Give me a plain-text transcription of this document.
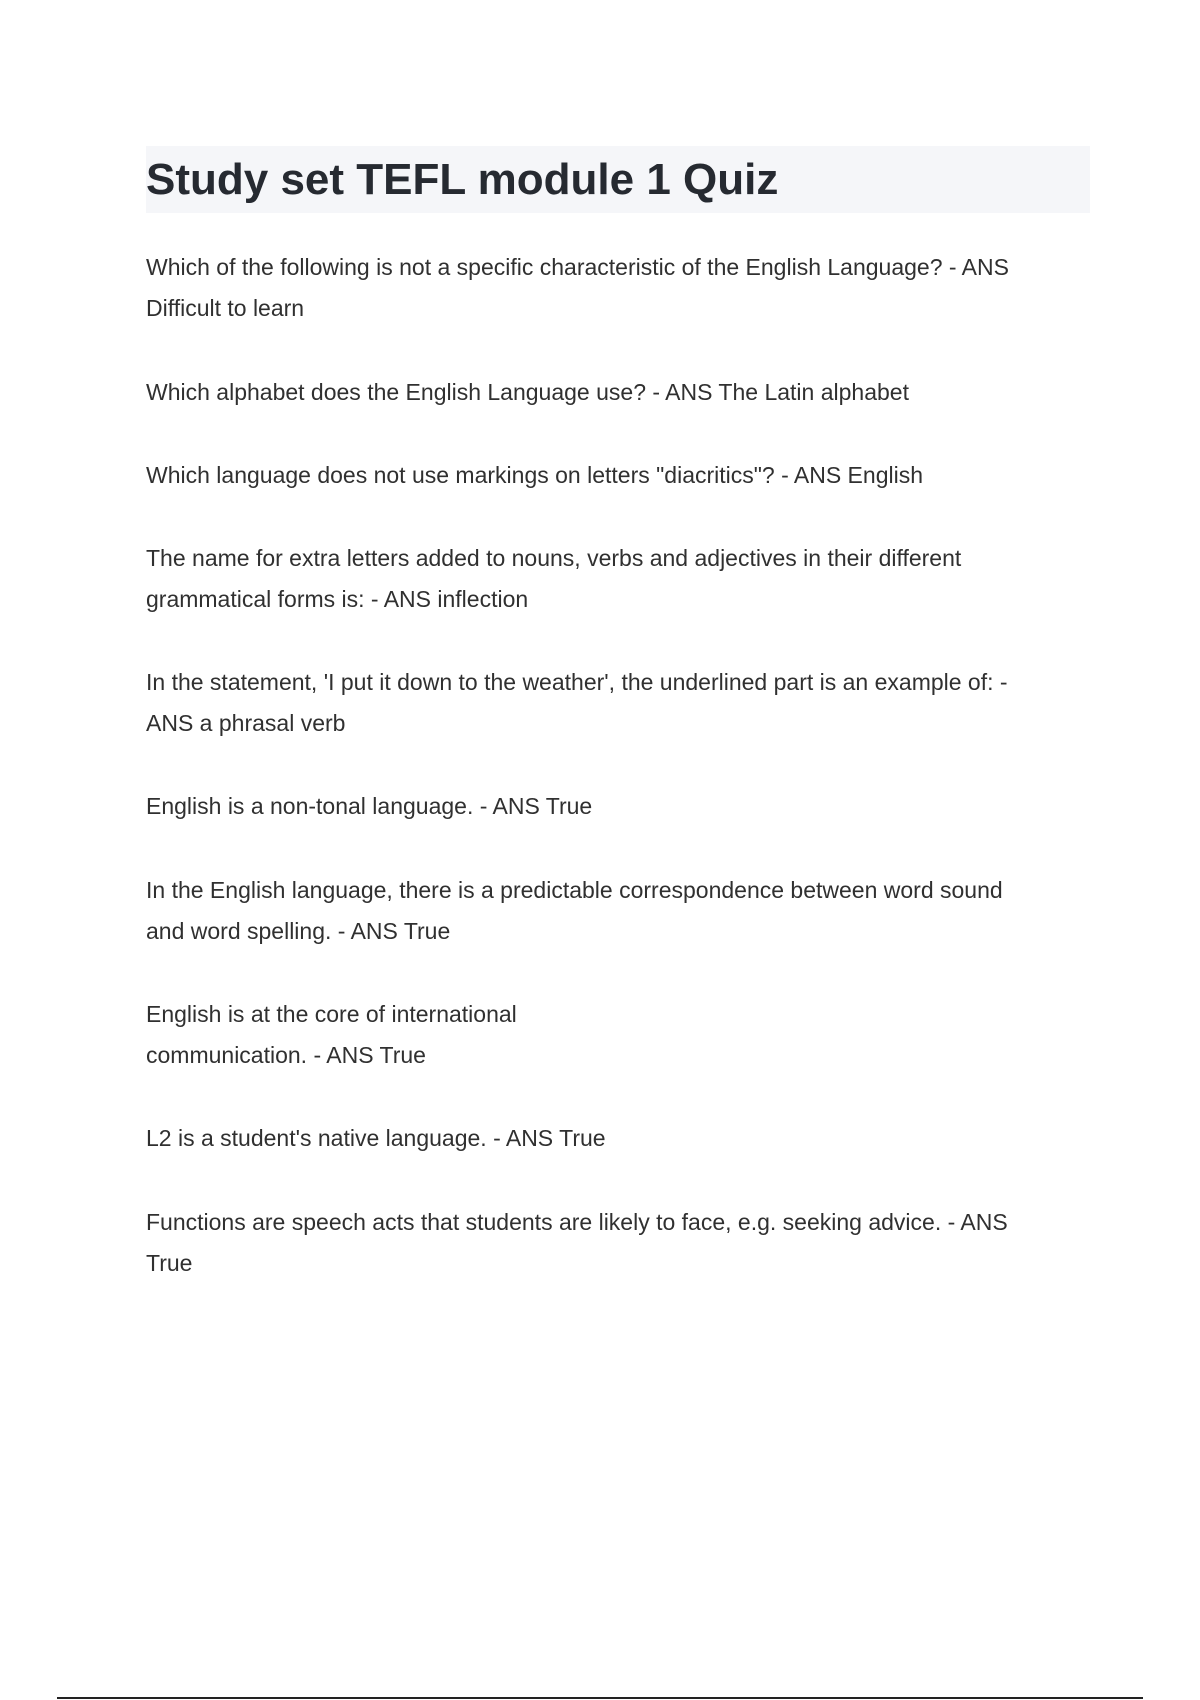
Study set TEFL module 1 Quiz

Which of the following is not a specific characteristic of the English Language? - ANS
Difficult to learn

Which alphabet does the English Language use? - ANS The Latin alphabet

Which language does not use markings on letters "diacritics"? - ANS English

The name for extra letters added to nouns, verbs and adjectives in their different
grammatical forms is: - ANS inflection

In the statement, 'I put it down to the weather', the underlined part is an example of: -
ANS a phrasal verb

English is a non-tonal language. - ANS True

In the English language, there is a predictable correspondence between word sound
and word spelling. - ANS True

English is at the core of international
communication. - ANS True

L2 is a student's native language. - ANS True

Functions are speech acts that students are likely to face, e.g. seeking advice. - ANS
True
